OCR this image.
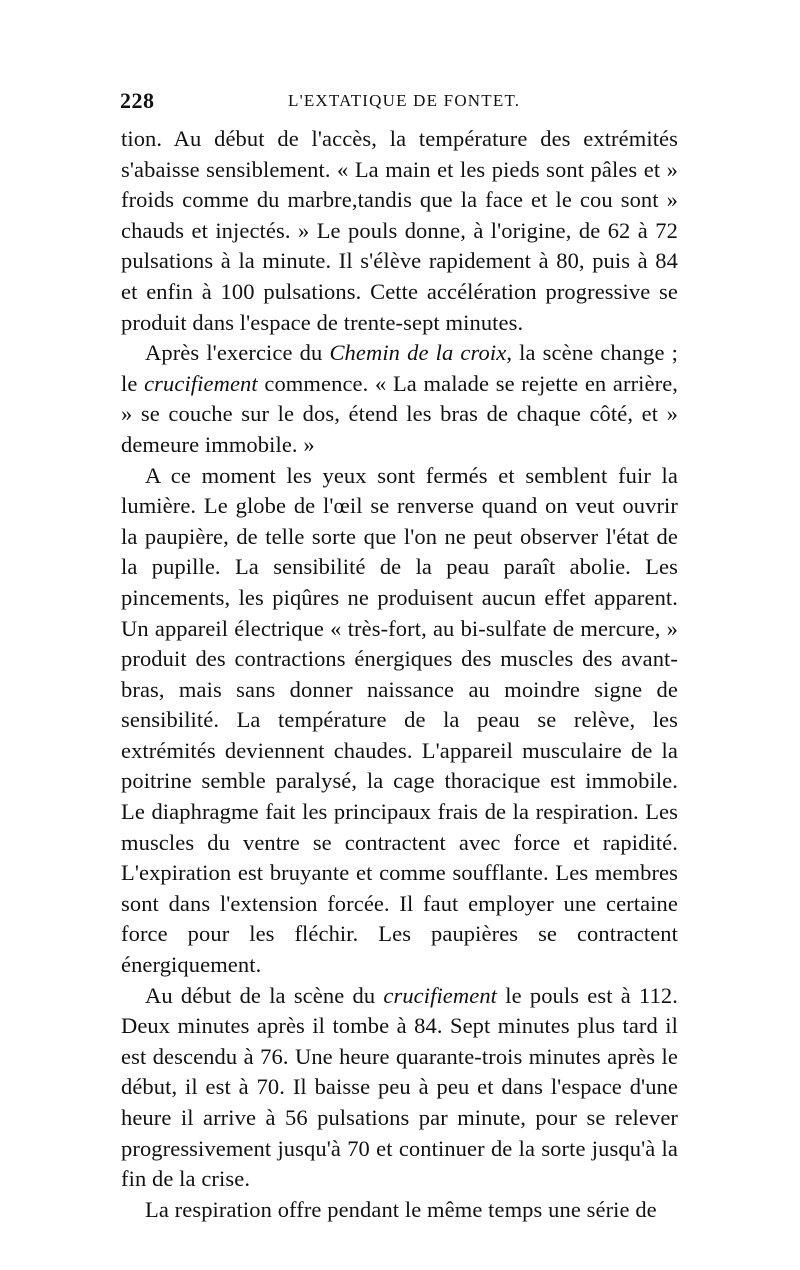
228	L'EXTATIQUE DE FONTET.

tion. Au début de l'accès, la température des extrémités s'abaisse sensiblement. « La main et les pieds sont pâles et » froids comme du marbre,tandis que la face et le cou sont » chauds et injectés. » Le pouls donne, à l'origine, de 62 à 72 pulsations à la minute. Il s'élève rapidement à 80, puis à 84 et enfin à 100 pulsations. Cette accélération progressive se produit dans l'espace de trente-sept minutes.

Après l'exercice du Chemin de la croix, la scène change ; le crucifiement commence. « La malade se rejette en arrière, » se couche sur le dos, étend les bras de chaque côté, et » demeure immobile. »

A ce moment les yeux sont fermés et semblent fuir la lumière. Le globe de l'œil se renverse quand on veut ouvrir la paupière, de telle sorte que l'on ne peut observer l'état de la pupille. La sensibilité de la peau paraît abolie. Les pincements, les piqûres ne produisent aucun effet apparent. Un appareil électrique « très-fort, au bi-sulfate de mercure, » produit des contractions énergiques des muscles des avant-bras, mais sans donner naissance au moindre signe de sensibilité. La température de la peau se relève, les extrémités deviennent chaudes. L'appareil musculaire de la poitrine semble paralysé, la cage thoracique est immobile. Le diaphragme fait les principaux frais de la respiration. Les muscles du ventre se contractent avec force et rapidité. L'expiration est bruyante et comme soufflante. Les membres sont dans l'extension forcée. Il faut employer une certaine force pour les fléchir. Les paupières se contractent énergiquement.

Au début de la scène du crucifiement le pouls est à 112. Deux minutes après il tombe à 84. Sept minutes plus tard il est descendu à 76. Une heure quarante-trois minutes après le début, il est à 70. Il baisse peu à peu et dans l'espace d'une heure il arrive à 56 pulsations par minute, pour se relever progressivement jusqu'à 70 et continuer de la sorte jusqu'à la fin de la crise.

La respiration offre pendant le même temps une série de
